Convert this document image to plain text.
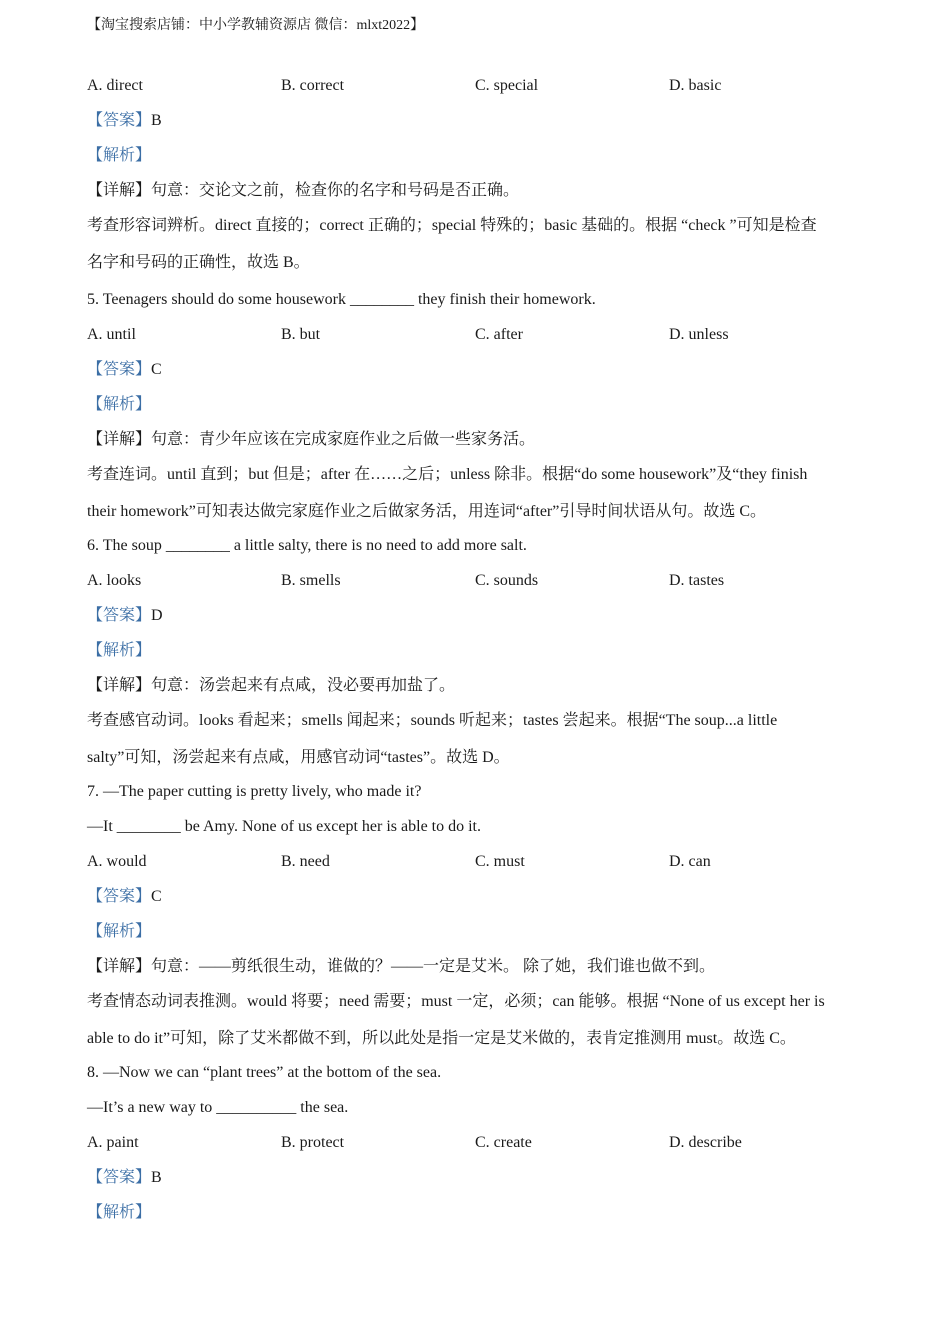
【淘宝搜索店铺：中小学教辅资源店 微信：mlxt2022】
A. direct	B. correct	C. special	D. basic
【答案】B
【解析】
【详解】句意：交论文之前，检查你的名字和号码是否正确。
考查形容词辨析。direct 直接的；correct 正确的；special 特殊的；basic 基础的。根据 “check ”可知是检查
名字和号码的正确性，故选 B。
5. Teenagers should do some housework ________ they finish their homework.
A. until	B. but	C. after	D. unless
【答案】C
【解析】
【详解】句意：青少年应该在完成家庭作业之后做一些家务活。
考查连词。until 直到；but 但是；after 在……之后；unless 除非。根据“do some housework”及“they finish
their homework”可知表达做完家庭作业之后做家务活，用连词“after”引导时间状语从句。故选 C。
6. The soup ________ a little salty, there is no need to add more salt.
A. looks	B. smells	C. sounds	D. tastes
【答案】D
【解析】
【详解】句意：汤尝起来有点咸，没必要再加盐了。
考查感官动词。looks 看起来；smells 闻起来；sounds 听起来；tastes 尝起来。根据“The soup...a little
salty”可知，汤尝起来有点咸，用感官动词“tastes”。故选 D。
7. —The paper cutting is pretty lively, who made it?
—It ________ be Amy. None of us except her is able to do it.
A. would	B. need	C. must	D. can
【答案】C
【解析】
【详解】句意：——剪纸很生动，谁做的？——一定是艾米。 除了她，我们谁也做不到。
考查情态动词表推测。would 将要；need 需要；must 一定，必须；can 能够。根据 “None of us except her is
able to do it”可知，除了艾米都做不到，所以此处是指一定是艾米做的，表肯定推测用 must。故选 C。
8. —Now we can “plant trees” at the bottom of the sea.
—It’s a new way to __________ the sea.
A. paint	B. protect	C. create	D. describe
【答案】B
【解析】
